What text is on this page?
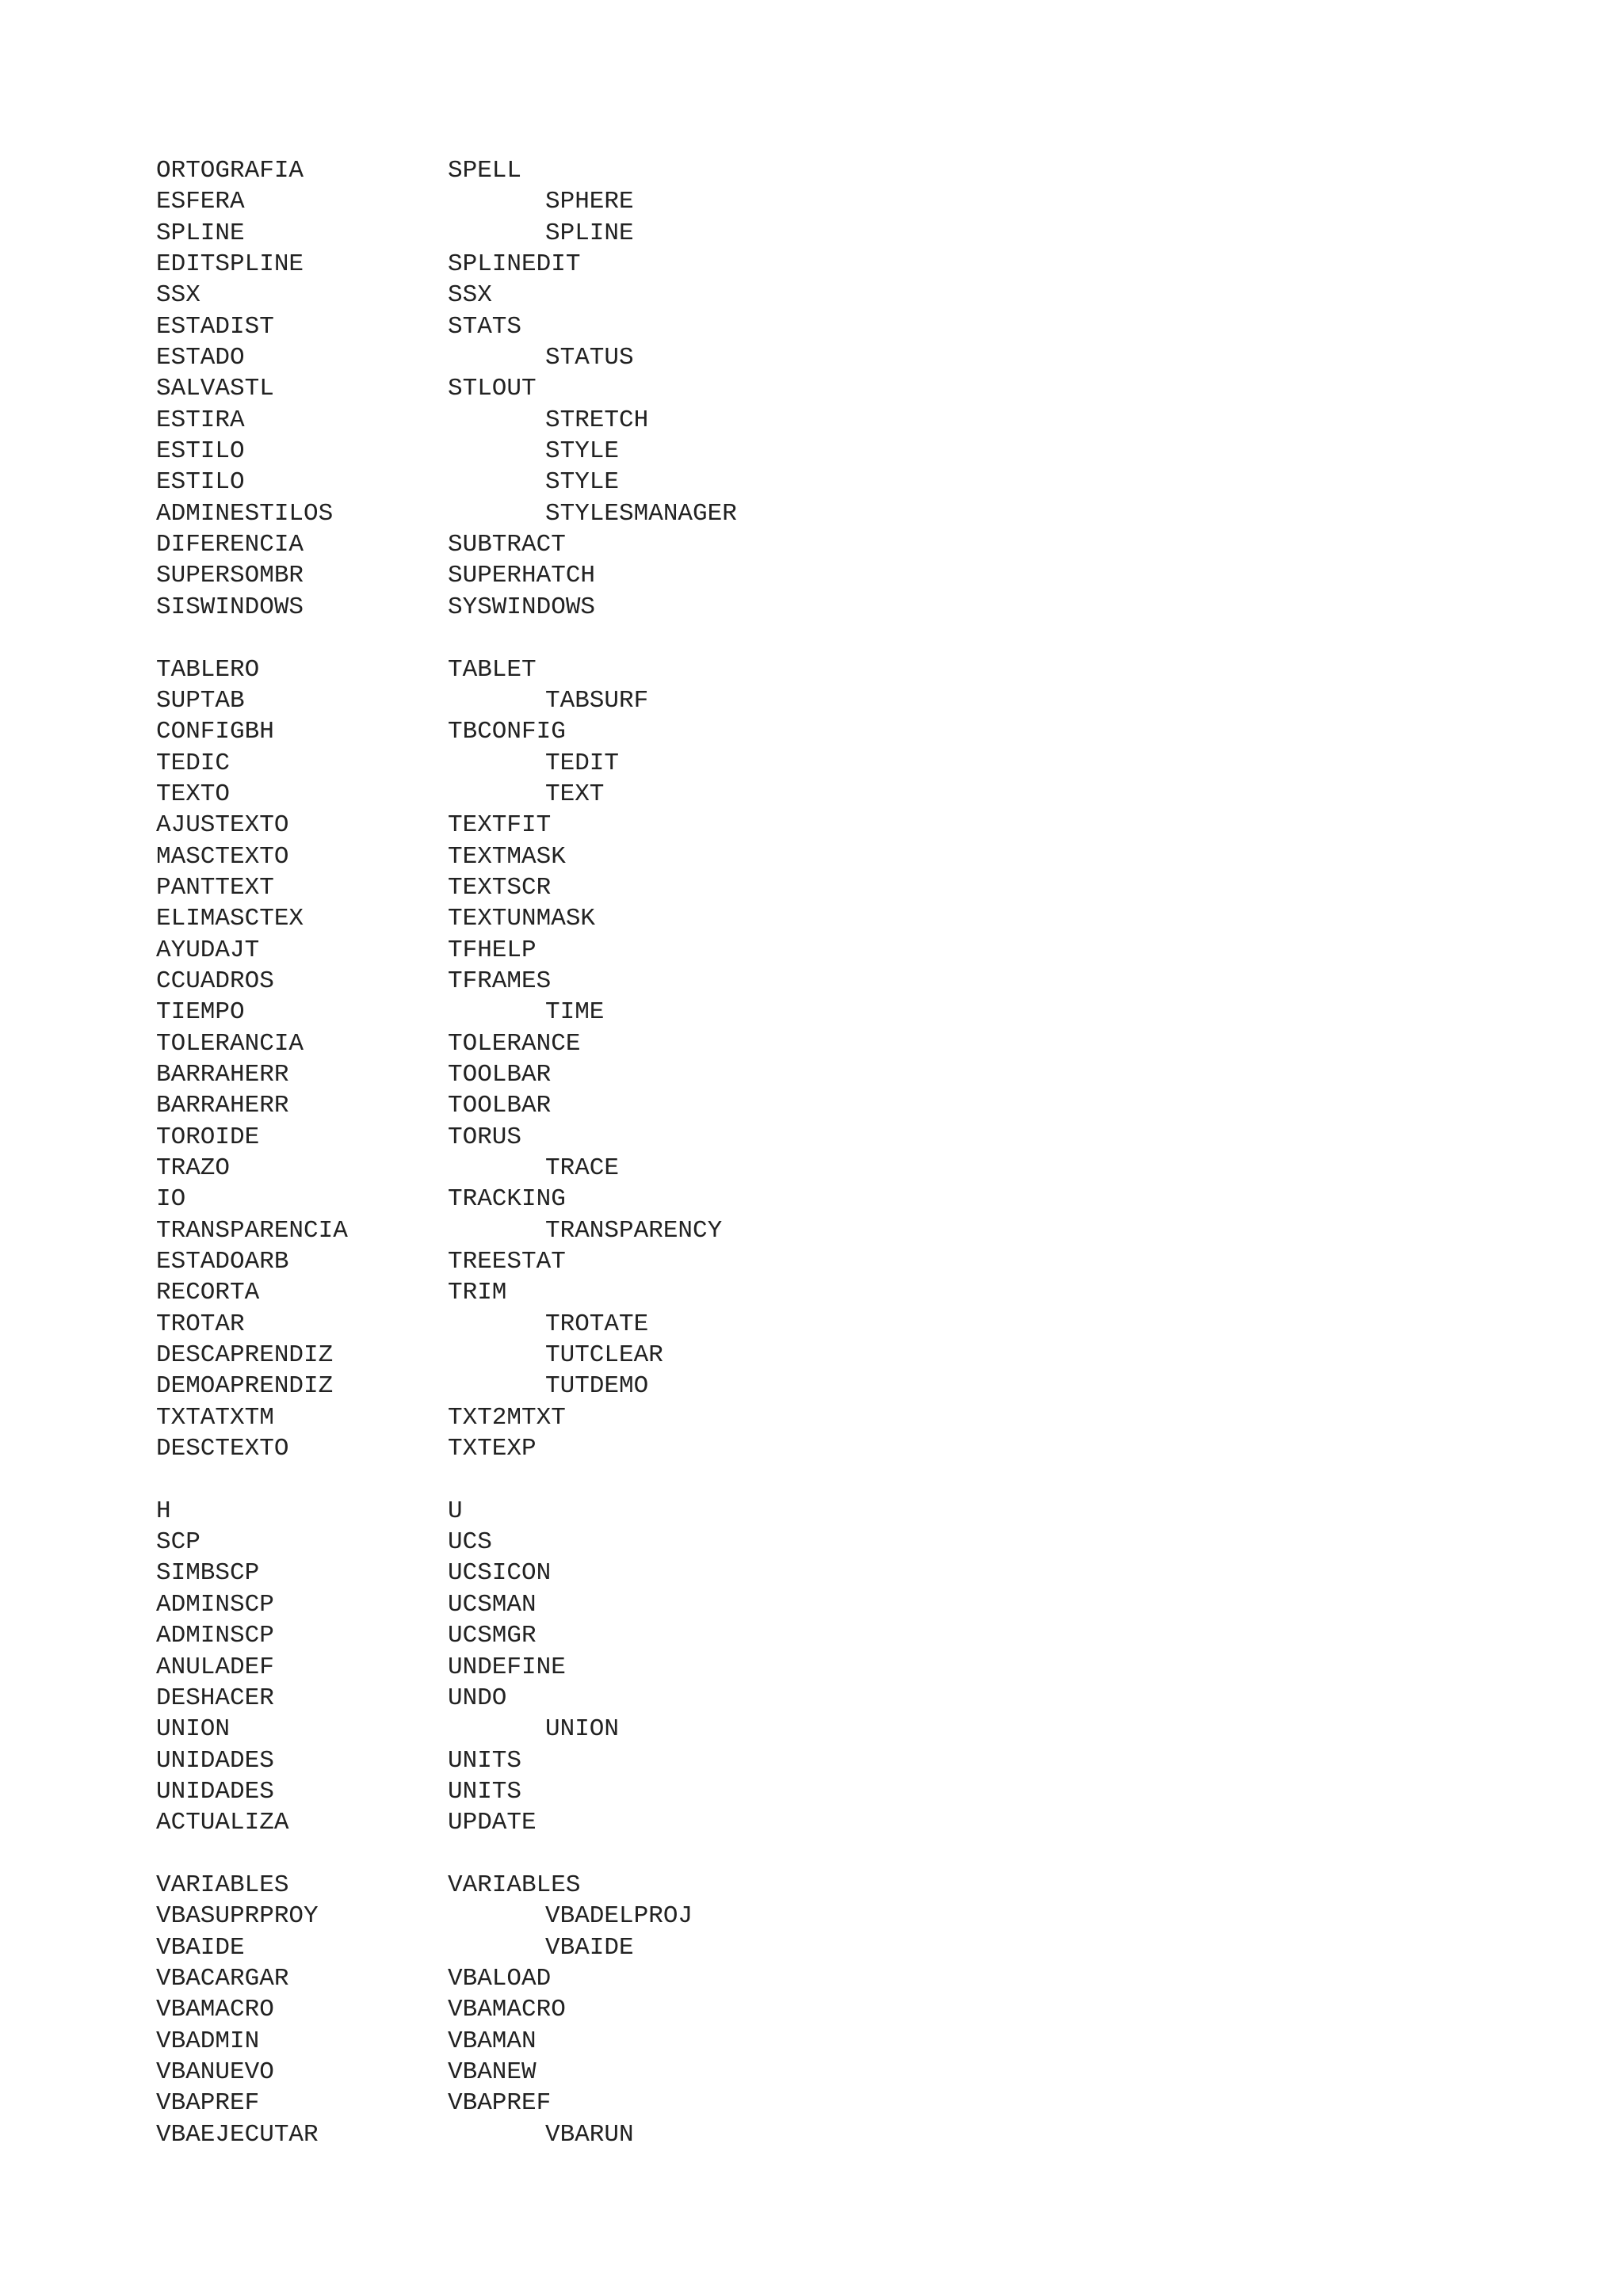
ORTOGRAFIA	SPELL
ESFERA	SPHERE
SPLINE	SPLINE
EDITSPLINE	SPLINEDIT
SSX	SSX
ESTADIST	STATS
ESTADO	STATUS
SALVASTL	STLOUT
ESTIRA	STRETCH
ESTILO	STYLE
ESTILO	STYLE
ADMINESTILOS	STYLESMANAGER
DIFERENCIA	SUBTRACT
SUPERSOMBR	SUPERHATCH
SISWINDOWS	SYSWINDOWS
TABLERO	TABLET
SUPTAB	TABSURF
CONFIGBH	TBCONFIG
TEDIC	TEDIT
TEXTO	TEXT
AJUSTEXTO	TEXTFIT
MASCTEXTO	TEXTMASK
PANTTEXT	TEXTSCR
ELIMASCTEX	TEXTUNMASK
AYUDAJT	TFHELP
CCUADROS	TFRAMES
TIEMPO	TIME
TOLERANCIA	TOLERANCE
BARRAHERR	TOOLBAR
BARRAHERR	TOOLBAR
TOROIDE	TORUS
TRAZO	TRACE
IO	TRACKING
TRANSPARENCIA	TRANSPARENCY
ESTADOARB	TREESTAT
RECORTA	TRIM
TROTAR	TROTATE
DESCAPRENDIZ	TUTCLEAR
DEMOAPRENDIZ	TUTDEMO
TXTATXTM	TXT2MTXT
DESCTEXTO	TXTEXP
H	U
SCP	UCS
SIMBSCP	UCSICON
ADMINSCP	UCSMAN
ADMINSCP	UCSMGR
ANULADEF	UNDEFINE
DESHACER	UNDO
UNION	UNION
UNIDADES	UNITS
UNIDADES	UNITS
ACTUALIZA	UPDATE
VARIABLES	VARIABLES
VBASUPRPROY	VBADELPROJ
VBAIDE	VBAIDE
VBACARGAR	VBALOAD
VBAMACRO	VBAMACRO
VBADMIN	VBAMAN
VBANUEVO	VBANEW
VBAPREF	VBAPREF
VBAEJECUTAR	VBARUN
